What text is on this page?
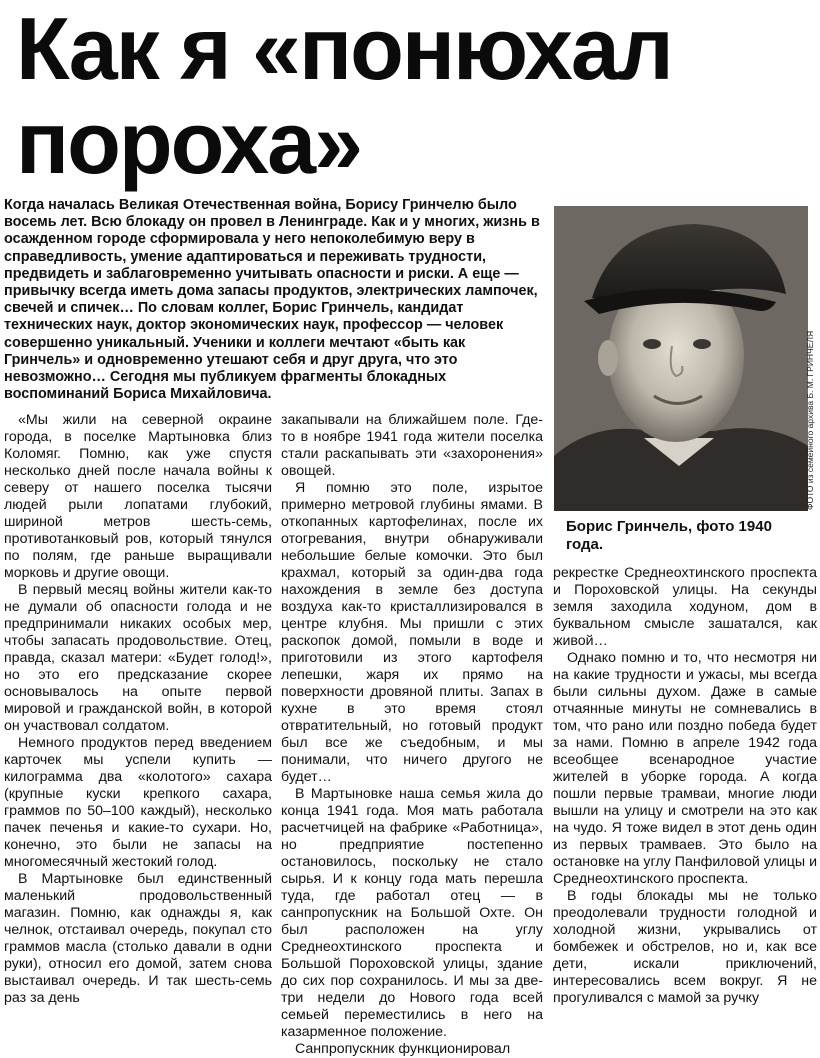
Как я «понюхал пороха»

Когда началась Великая Отечественная война, Борису Гринчелю было восемь лет. Всю блокаду он провел в Ленинграде. Как и у многих, жизнь в осажденном городе сформировала у него непоколебимую веру в справедливость, умение адаптироваться и переживать трудности, предвидеть и заблаговременно учитывать опасности и риски. А еще — привычку всегда иметь дома запасы продуктов, электрических лампочек, свечей и спичек… По словам коллег, Борис Гринчель, кандидат технических наук, доктор экономических наук, профессор — человек совершенно уникальный. Ученики и коллеги мечтают «быть как Гринчель» и одновременно утешают себя и друг друга, что это невозможно… Сегодня мы публикуем фрагменты блокадных воспоминаний Бориса Михайловича.	ФОТО из семейного архива Б. М. ГРИНЧЕЛЯ

Борис Гринчель, фото 1940 года.

«Мы жили на северной окраине города, в поселке Мартыновка близ Коломяг. Помню, как уже спустя несколько дней после начала войны к северу от нашего поселка тысячи людей рыли лопатами глубокий, шириной метров шесть-семь, противотанковый ров, который тянулся по полям, где раньше выращивали морковь и другие овощи.

В первый месяц войны жители как-то не думали об опасности голода и не предпринимали никаких особых мер, чтобы запасать продовольствие. Отец, правда, сказал матери: «Будет голод!», но это его предсказание скорее основывалось на опыте первой мировой и гражданской войн, в которой он участвовал солдатом.

Немного продуктов перед введением карточек мы успели купить — килограмма два «колотого» сахара (крупные куски крепкого сахара, граммов по 50–100 каждый), несколько пачек печенья и какие-то сухари. Но, конечно, это были не запасы на многомесячный жестокий голод.

В Мартыновке был единственный маленький продовольственный магазин. Помню, как однажды я, как челнок, отстаивал очередь, покупал сто граммов масла (столько давали в одни руки), относил его домой, затем снова выстаивал очередь. И так шесть-семь раз за день

закапывали на ближайшем поле. Где-то в ноябре 1941 года жители поселка стали раскапывать эти «захоронения» овощей.

Я помню это поле, изрытое примерно метровой глубины ямами. В откопанных картофелинах, после их отогревания, внутри обнаруживали небольшие белые комочки. Это был крахмал, который за один-два года нахождения в земле без доступа воздуха как-то кристаллизировался в центре клубня. Мы пришли с этих раскопок домой, помыли в воде и приготовили из этого картофеля лепешки, жаря их прямо на поверхности дровяной плиты. Запах в кухне в это время стоял отвратительный, но готовый продукт был все же съедобным, и мы понимали, что ничего другого не будет…

В Мартыновке наша семья жила до конца 1941 года. Моя мать работала расчетчицей на фабрике «Работница», но предприятие постепенно остановилось, поскольку не стало сырья. И к концу года мать перешла туда, где работал отец — в санпропускник на Большой Охте. Он был расположен на углу Среднеохтинского проспекта и Большой Пороховской улицы, здание до сих пор сохранилось. И мы за две-три недели до Нового года всей семьей переместились в него на казарменное положение.

Санпропускник функционировал

рекрестке Среднеохтинского проспекта и Пороховской улицы. На секунды земля заходила ходуном, дом в буквальном смысле зашатался, как живой…

Однако помню и то, что несмотря ни на какие трудности и ужасы, мы всегда были сильны духом. Даже в самые отчаянные минуты не сомневались в том, что рано или поздно победа будет за нами. Помню в апреле 1942 года всеобщее всенародное участие жителей в уборке города. А когда пошли первые трамваи, многие люди вышли на улицу и смотрели на это как на чудо. Я тоже видел в этот день один из первых трамваев. Это было на остановке на углу Панфиловой улицы и Среднеохтинского проспекта.

В годы блокады мы не только преодолевали трудности голодной и холодной жизни, укрывались от бомбежек и обстрелов, но и, как все дети, искали приключений, интересовались всем вокруг. Я не прогуливался с мамой за ручку
